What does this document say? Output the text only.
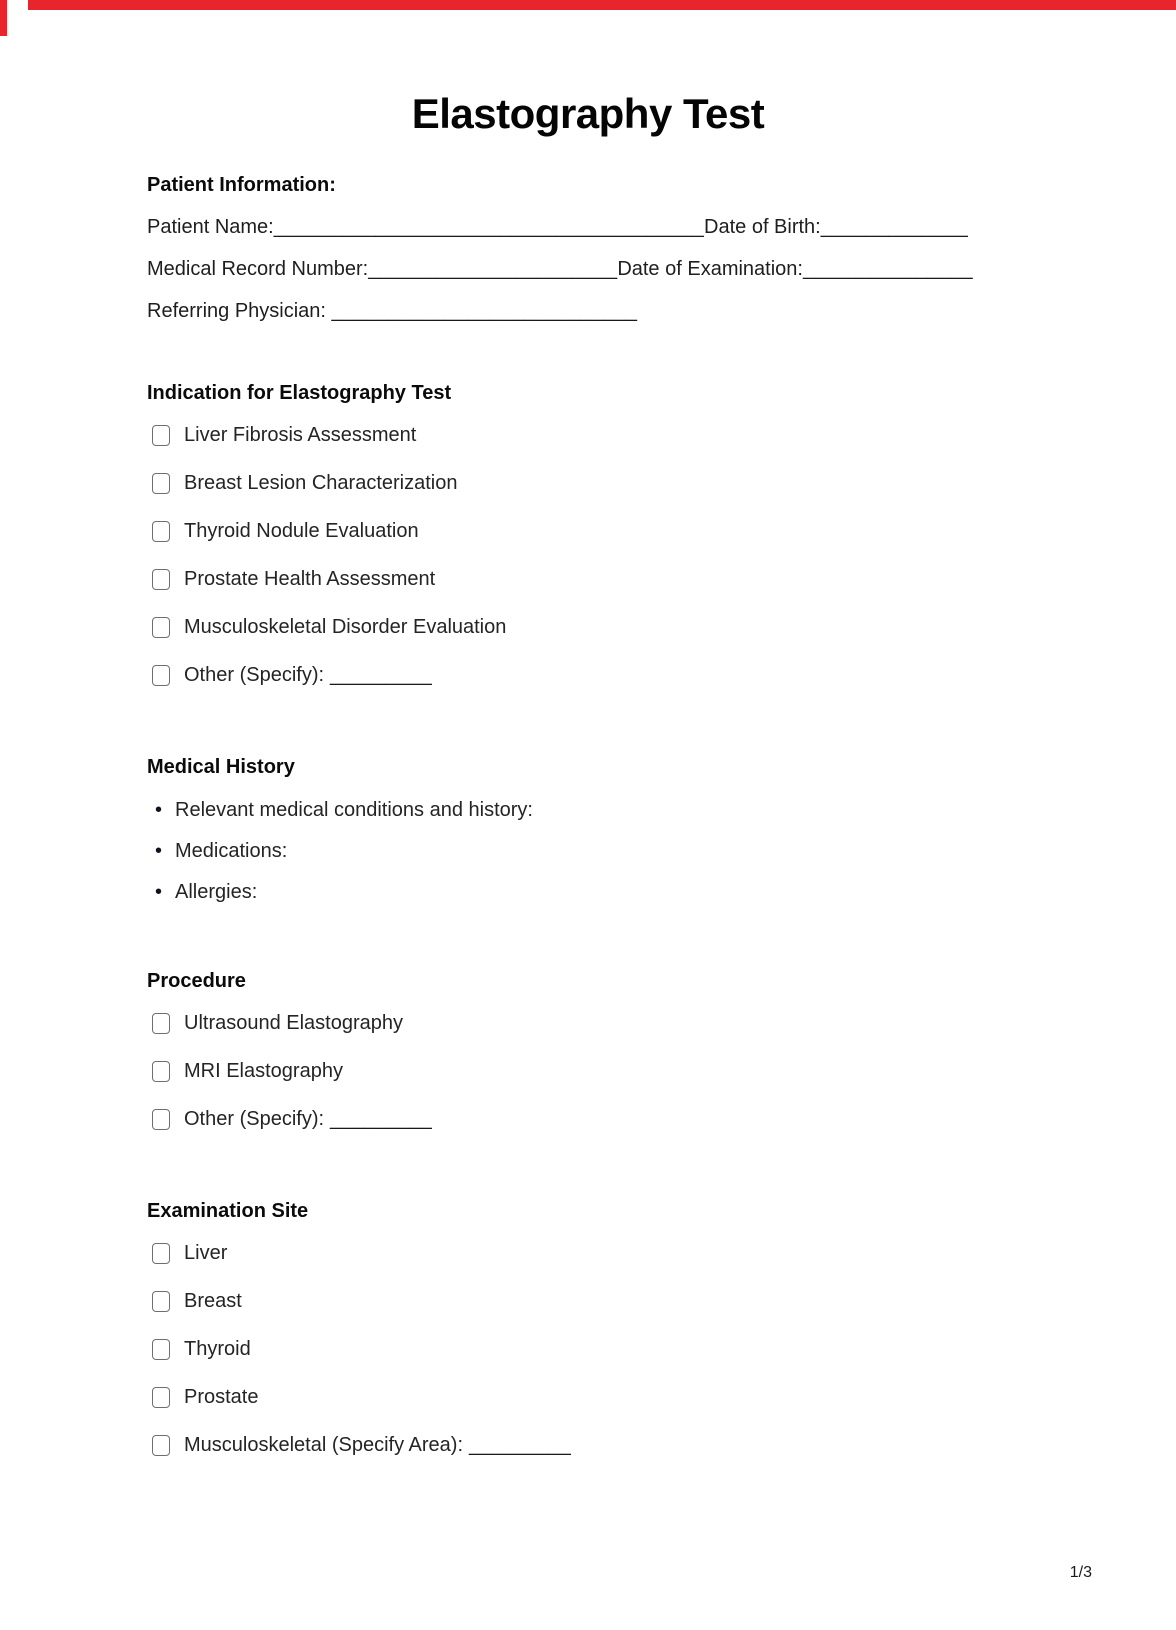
Elastography Test
Patient Information:
Patient Name:______________________________________Date of Birth:_____________
Medical Record Number:______________________Date of Examination:_______________
Referring Physician: ___________________________
Indication for Elastography Test
Liver Fibrosis Assessment
Breast Lesion Characterization
Thyroid Nodule Evaluation
Prostate Health Assessment
Musculoskeletal Disorder Evaluation
Other (Specify): _________
Medical History
• Relevant medical conditions and history:
• Medications:
• Allergies:
Procedure
Ultrasound Elastography
MRI Elastography
Other (Specify): _________
Examination Site
Liver
Breast
Thyroid
Prostate
Musculoskeletal (Specify Area): _________
1/3
